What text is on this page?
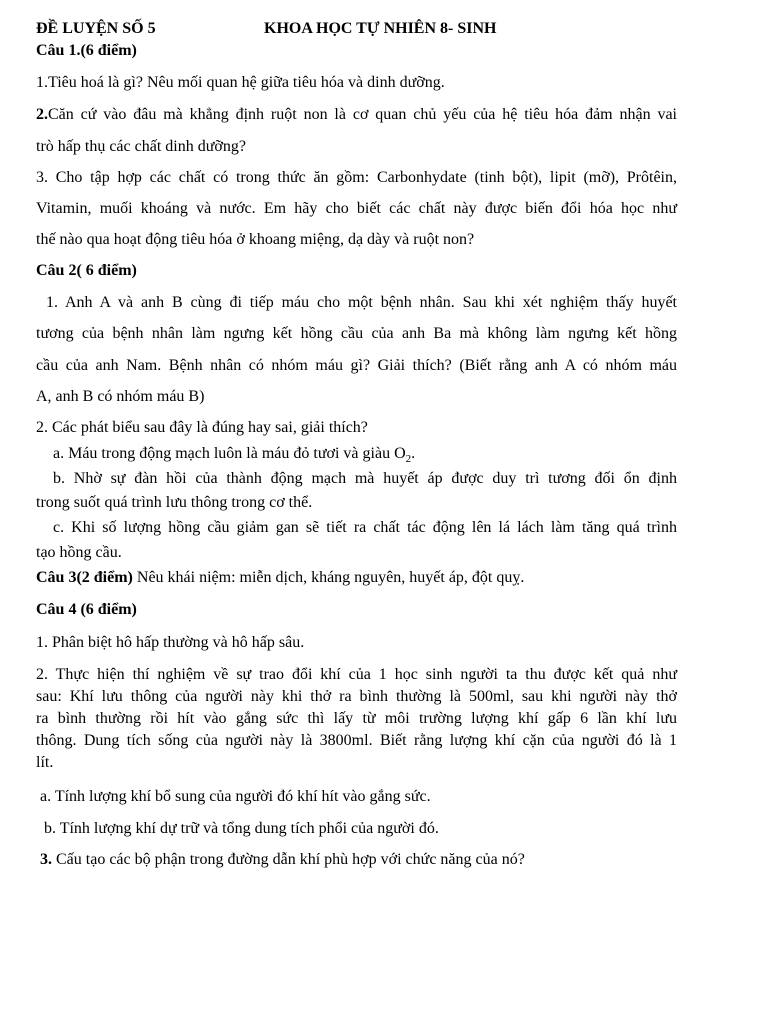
ĐỀ LUYỆN SỐ 5	KHOA HỌC TỰ NHIÊN 8- SINH

Câu 1.(6 điểm)

1.Tiêu hoá là gì? Nêu mối quan hệ giữa tiêu hóa và dinh dưỡng.

2.Căn cứ vào đâu mà khẳng định ruột non là cơ quan chủ yếu của hệ tiêu hóa đảm nhận vai

trò hấp thụ các chất dinh dưỡng?

3. Cho tập hợp các chất có trong thức ăn gồm: Carbonhydate (tinh bột), lipit (mỡ), Prôtêin,

Vitamin, muối khoáng và nước. Em hãy cho biết các chất này được biến đổi hóa học như

thế nào qua hoạt động tiêu hóa ở khoang miệng, dạ dày và ruột non?

Câu 2( 6 điểm)

1. Anh A và anh B cùng đi tiếp máu cho một bệnh nhân. Sau khi xét nghiệm thấy huyết

tương của bệnh nhân làm ngưng kết hồng cầu của anh Ba mà không làm ngưng kết hồng

cầu của anh Nam. Bệnh nhân có nhóm máu gì? Giải thích? (Biết rằng anh A có nhóm máu

A, anh B có nhóm máu B)

2. Các phát biểu sau đây là đúng hay sai, giải thích?

a. Máu trong động mạch luôn là máu đỏ tươi và giàu $O_2$.

b. Nhờ sự đàn hồi của thành động mạch mà huyết áp được duy trì tương đối ổn định

trong suốt quá trình lưu thông trong cơ thể.

c. Khi số lượng hồng cầu giảm gan sẽ tiết ra chất tác động lên lá lách làm tăng quá trình

tạo hồng cầu.

Câu 3(2 điểm) Nêu khái niệm: miễn dịch, kháng nguyên, huyết áp, đột quỵ.

Câu 4 (6 điểm)

1. Phân biệt hô hấp thường và hô hấp sâu.

2. Thực hiện thí nghiệm về sự trao đổi khí của 1 học sinh người ta thu được kết quả như

sau: Khí lưu thông của người này khi thở ra bình thường là 500ml, sau khi người này thở

ra bình thường rồi hít vào gắng sức thì lấy từ môi trường lượng khí gấp 6 lần khí lưu

thông. Dung tích sống của người này là 3800ml. Biết rằng lượng khí cặn của người đó là 1

lít.

a. Tính lượng khí bổ sung của người đó khí hít vào gắng sức.

b. Tính lượng khí dự trữ và tổng dung tích phổi của người đó.

3. Cấu tạo các bộ phận trong đường dẫn khí phù hợp với chức năng của nó?
